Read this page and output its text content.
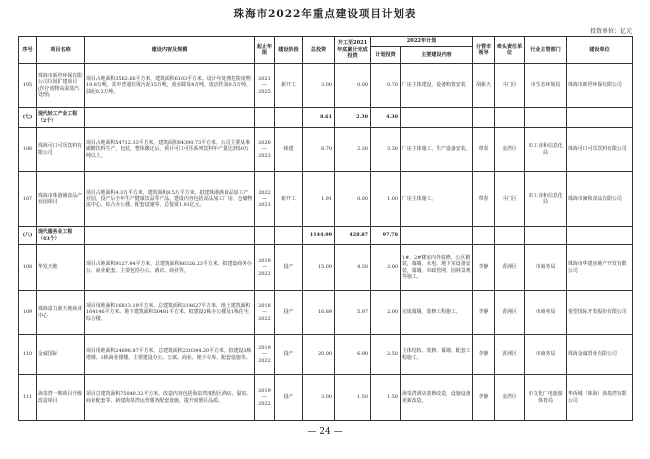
珠海市2022年重点建设项目计划表
投资单位：亿元
序号	项目名称	建设内容及规模	起止年限	建设阶段	总投资	开工至2021年底累计完成投资	2022年计划		分管市领导	牵头责任单位	行业主管部门	建设单位
							计划投资	主要建设内容				
105	珠海市新世环保有限公司垃圾扩建项目(医疗废物高温蒸汽处理)	项目占地面积3562.66平方米，建筑面积6103平方米。设计年处理危险废物19.8万吨，其中普通垃圾污泥15万吨，废水除臭4万吨，废活性炭0.5万吨，油泥0.3万吨。	2021—2025	新开工	3.00	0.00	0.70	厂房主体建设，设备购置安装	胡新天	斗门区	市生态环境局	珠海市新世环保有限公司
(七)	现代轻工产业工程（2个）				8.61	2.30	4.30					
106	珠海可口可乐饮料有限公司	项目占地面积54712.33平方米，建筑面积84390.73平方米。公司主要从事碳酸饮料生产，包装，整体搬迁后，预计可口可乐系列饮料年产量达到50万吨以上。	2020—2023	续建	6.70	2.30	3.30	厂房主体施工，生产设备安装。	覃春	金湾区	市工业和信息化局	珠海可口可乐饮料有限公司
107	珠海市珠港满食品产业园项目	项目占地面积4.3万平方米，建筑面积8.5万平方米，拟建珠港满食品加工产业园，投产后全年生产健康饮品等产品。建设内容包括食品加工厂房、仓储物流中心、综合办公楼、配套设施等，总投资1.91亿元。	2022—2023	新开工	1.91	0.00	1.00	厂房主体施工。	覃春	斗门区	市工业和信息化局	珠海市闽和食品有限公司
(八)	现代服务业工程（43个）				1144.99	428.87	97.78					
108	华发天地	项目占地面积9127.94平方米，总建筑面积86326.23平方米，拟建设商务办公、商业配套，主要包括办公、酒店、商业等。	2019—2022	投产	15.00	4.30	2.00	1#、2#楼室内外装修，公区精装，幕墙、水电、地下室设备安装，幕墙，市政管网，园林景观等施工。	李静	香洲区	市商务局	珠海市华建房地产开发有限公司
109	珠海富力新天地商业中心	项目用地面积16813.19平方米，总建筑面积214627平方米，地上建筑面积164146平方米，地下建筑面积50481平方米。拟建设2栋办公楼及1栋住宅综合楼。	2018—2022	投产	16.89	5.97	2.00	完成幕墙，装修工程施工。	李静	香洲区	市商务局	悦望国际开发股份有限公司
110	金诚国际	项目用地面积24696.87平方米，总建筑面积220344.20平方米，拟建设3栋塔楼、1栋商业裙楼。主要建设办公、公寓、商业、地下车库、配套设施等。	2019—2022	投产	20.00	6.90	2.50	主体结构、装修、幕墙、配套工程施工。	李静	香洲区	市商务局	珠海金诚置业有限公司
111	海泉湾一期项目升级改造项目	项目总建筑面积75040.32平方米，改造内容包括海泉湾度假区酒店、温泉、商业配套等，新建海泉湾运营服务配套设施，提升度假区品质。	2019—2022	投产	3.00	1.50	1.50	海泉湾酒店装修改造，设施设备更新改造。	李静	金湾区	市文化广电旅游体育局	华侨城（珠海）海泉湾有限公司
— 24 —
